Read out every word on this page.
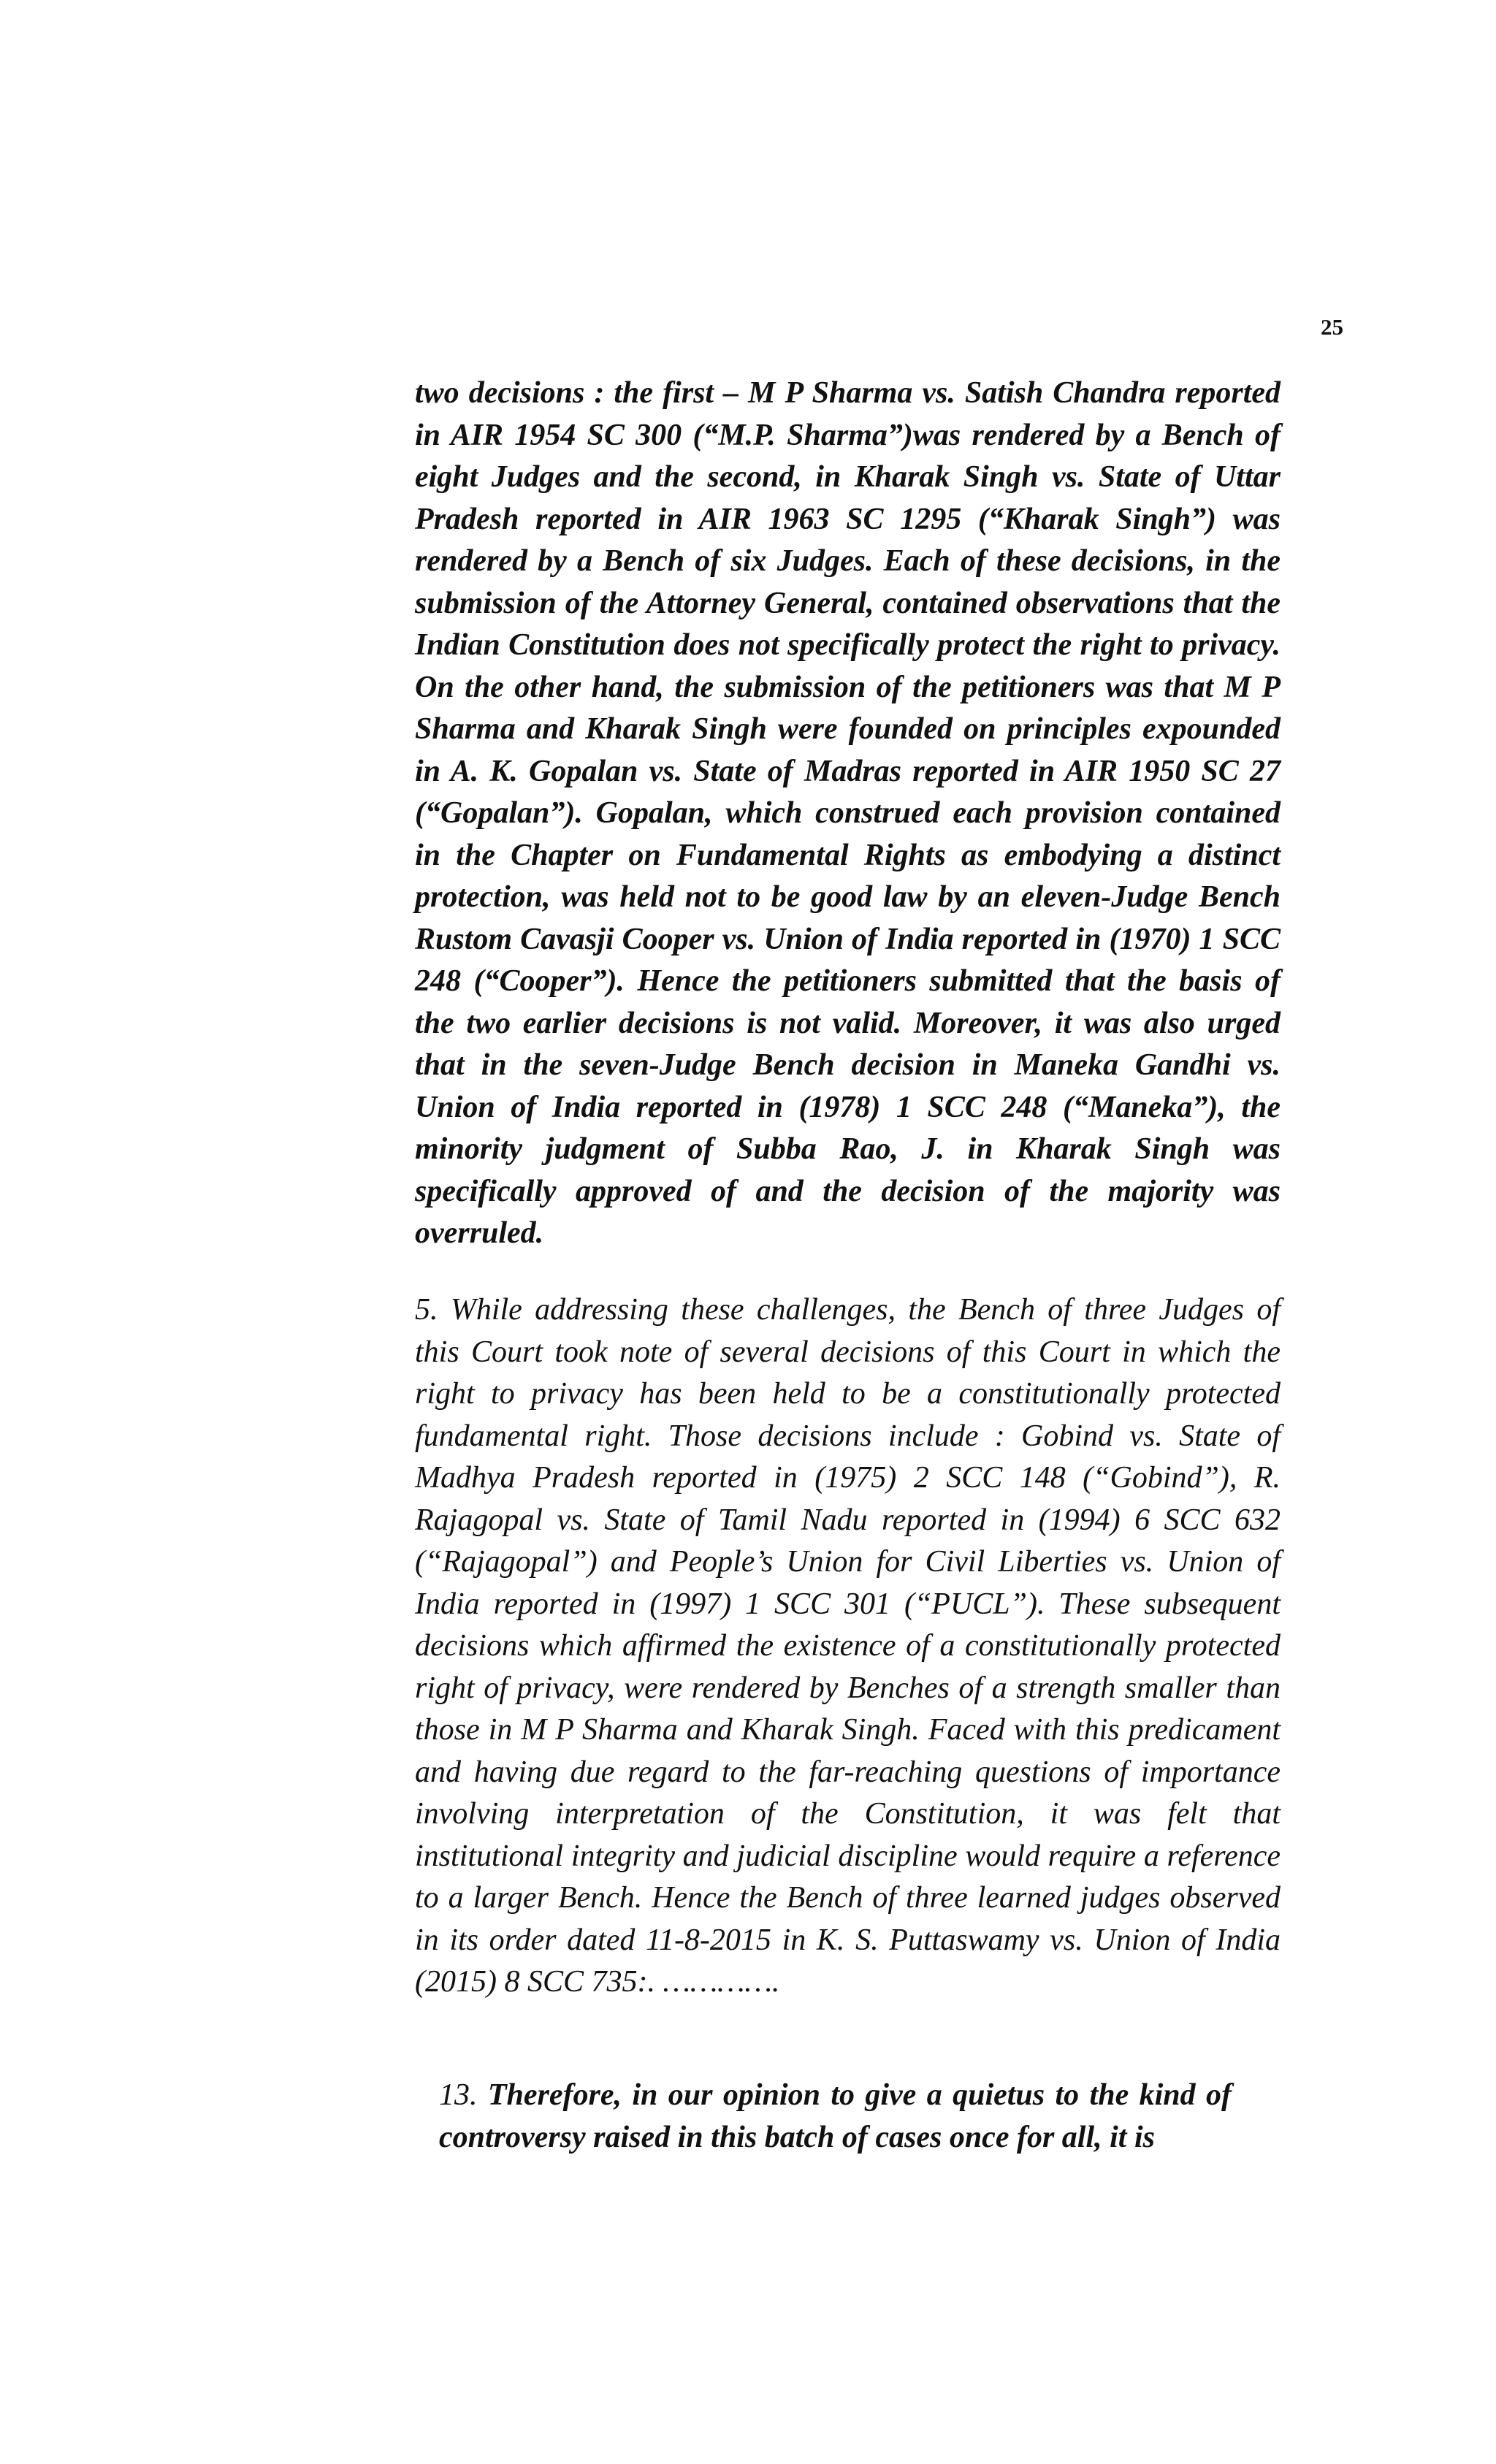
25

two decisions : the first – M P Sharma vs. Satish Chandra reported in AIR 1954 SC 300 (“M.P. Sharma”)was rendered by a Bench of eight Judges and the second, in Kharak Singh vs. State of Uttar Pradesh reported in AIR 1963 SC 1295 (“Kharak Singh”) was rendered by a Bench of six Judges. Each of these decisions, in the submission of the Attorney General, contained observations that the Indian Constitution does not specifically protect the right to privacy. On the other hand, the submission of the petitioners was that M P Sharma and Kharak Singh were founded on principles expounded in A. K. Gopalan vs. State of Madras reported in AIR 1950 SC 27 (“Gopalan”). Gopalan, which construed each provision contained in the Chapter on Fundamental Rights as embodying a distinct protection, was held not to be good law by an eleven-Judge Bench Rustom Cavasji Cooper vs. Union of India reported in (1970) 1 SCC 248 (“Cooper”). Hence the petitioners submitted that the basis of the two earlier decisions is not valid. Moreover, it was also urged that in the seven-Judge Bench decision in Maneka Gandhi vs. Union of India reported in (1978) 1 SCC 248 (“Maneka”), the minority judgment of Subba Rao, J. in Kharak Singh was specifically approved of and the decision of the majority was overruled.

5. While addressing these challenges, the Bench of three Judges of this Court took note of several decisions of this Court in which the right to privacy has been held to be a constitutionally protected fundamental right. Those decisions include : Gobind vs. State of Madhya Pradesh reported in (1975) 2 SCC 148 (“Gobind”), R. Rajagopal vs. State of Tamil Nadu reported in (1994) 6 SCC 632 (“Rajagopal”) and People’s Union for Civil Liberties vs. Union of India reported in (1997) 1 SCC 301 (“PUCL”). These subsequent decisions which affirmed the existence of a constitutionally protected right of privacy, were rendered by Benches of a strength smaller than those in M P Sharma and Kharak Singh. Faced with this predicament and having due regard to the far-reaching questions of importance involving interpretation of the Constitution, it was felt that institutional integrity and judicial discipline would require a reference to a larger Bench. Hence the Bench of three learned judges observed in its order dated 11-8-2015 in K. S. Puttaswamy vs. Union of India (2015) 8 SCC 735:. ………….

13. Therefore, in our opinion to give a quietus to the kind of controversy raised in this batch of cases once for all, it is
